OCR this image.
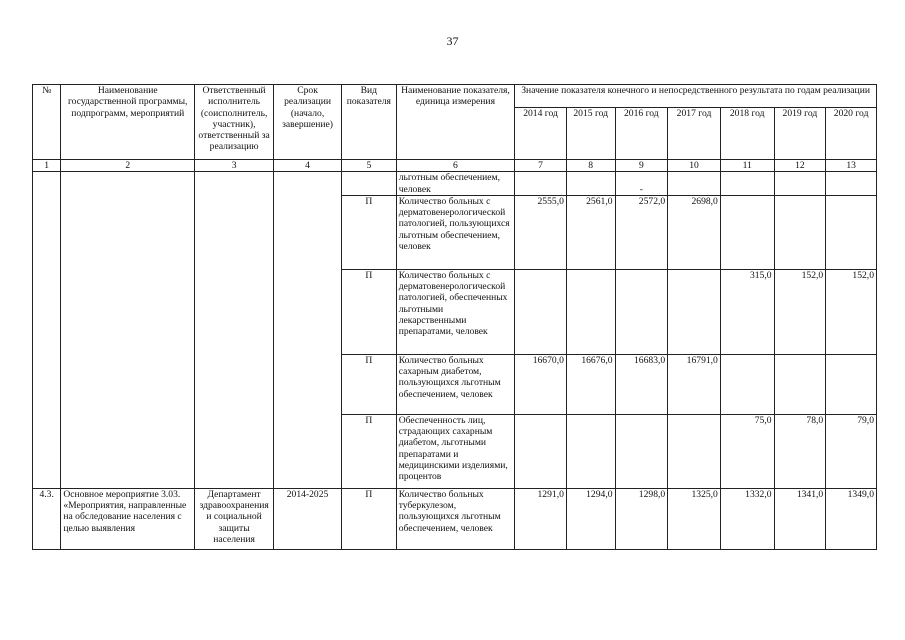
37
№	Наименование государственной программы, подпрограмм, мероприятий	Ответственный исполнитель (соисполнитель, участник), ответственный за реализацию	Срок реализации (начало, завершение)	Вид показателя	Наименование показателя, единица измерения	Значение показателя конечного и непосредственного результата по годам реализации						
						2014 год	2015 год	2016 год	2017 год	2018 год	2019 год	2020 год
1	2	3	4	5	6	7	8	9	10	11	12	13
					льготным обеспечением, человек			-				
				П	Количество больных с дерматовенерологической патологией, пользующихся льготным обеспечением, человек	2555,0	2561,0	2572,0	2698,0			
				П	Количество больных с дерматовенерологической патологией, обеспеченных льготными лекарственными препаратами, человек					315,0	152,0	152,0
				П	Количество больных сахарным диабетом, пользующихся льготным обеспечением, человек	16670,0	16676,0	16683,0	16791,0			
				П	Обеспеченность лиц, страдающих сахарным диабетом, льготными препаратами и медицинскими изделиями, процентов					75,0	78,0	79,0
4.3.	Основное мероприятие 3.03. «Мероприятия, направленные на обследование населения с целью выявления	Департамент здравоохранения и социальной защиты населения	2014-2025	П	Количество больных туберкулезом, пользующихся льготным обеспечением, человек	1291,0	1294,0	1298,0	1325,0	1332,0	1341,0	1349,0
